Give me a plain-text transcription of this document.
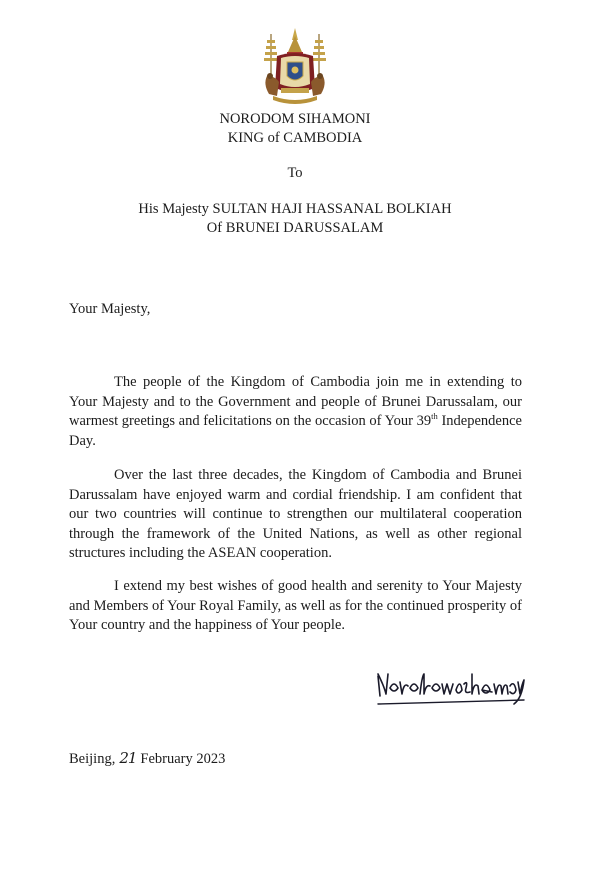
NORODOM SIHAMONI
KING of CAMBODIA
To
His Majesty SULTAN HAJI HASSANAL BOLKIAH
Of BRUNEI DARUSSALAM
Your Majesty,

The people of the Kingdom of Cambodia join me in extending to Your Majesty and to the Government and people of Brunei Darussalam, our warmest greetings and felicitations on the occasion of Your 39th Independence Day.

Over the last three decades, the Kingdom of Cambodia and Brunei Darussalam have enjoyed warm and cordial friendship. I am confident that our two countries will continue to strengthen our multilateral cooperation through the framework of the United Nations, as well as other regional structures including the ASEAN cooperation.

I extend my best wishes of good health and serenity to Your Majesty and Members of Your Royal Family, as well as for the continued prosperity of Your country and the happiness of Your people.

Beijing, 21 February 2023
